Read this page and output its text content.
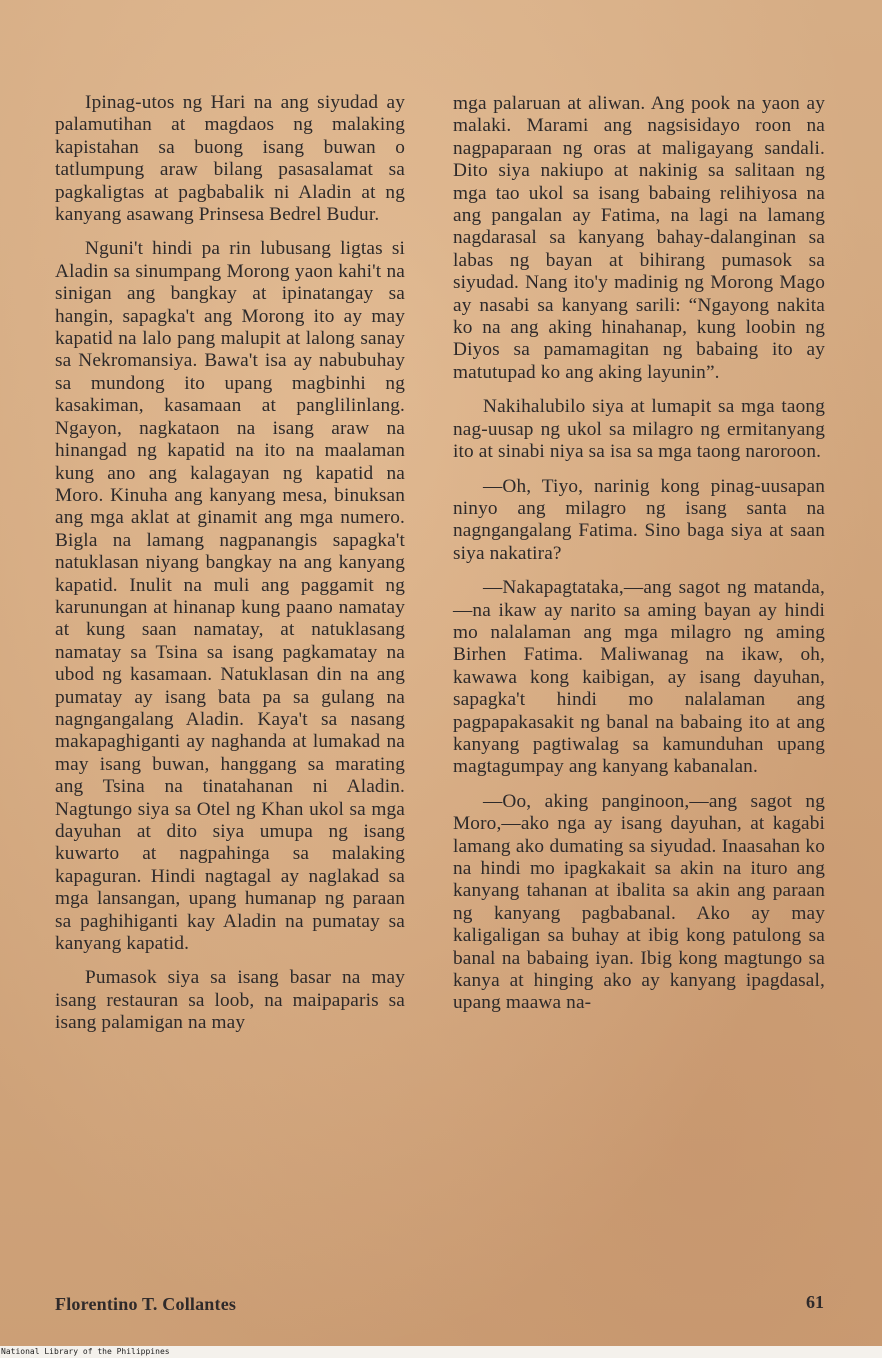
Ipinag-utos ng Hari na ang siyudad ay palamutihan at magdaos ng malaking kapistahan sa buong isang buwan o tatlumpung araw bilang pasasalamat sa pagkaligtas at pagbabalik ni Aladin at ng kanyang asawang Prinsesa Bedrel Budur.

Nguni't hindi pa rin lubusang ligtas si Aladin sa sinumpang Morong yaon kahi't na sinigan ang bangkay at ipinatangay sa hangin, sapagka't ang Morong ito ay may kapatid na lalo pang malupit at lalong sanay sa Nekromansiya. Bawa't isa ay nabubuhay sa mundong ito upang magbinhi ng kasakiman, kasamaan at panglilinlang. Ngayon, nagkataon na isang araw na hinangad ng kapatid na ito na maalaman kung ano ang kalagayan ng kapatid na Moro. Kinuha ang kanyang mesa, binuksan ang mga aklat at ginamit ang mga numero. Bigla na lamang nagpanangis sapagka't natuklasan niyang bangkay na ang kanyang kapatid. Inulit na muli ang paggamit ng karunungan at hinanap kung paano namatay at kung saan namatay, at natuklasang namatay sa Tsina sa isang pagkamatay na ubod ng kasamaan. Natuklasan din na ang pumatay ay isang bata pa sa gulang na nagngangalang Aladin. Kaya't sa nasang makapaghiganti ay naghanda at lumakad na may isang buwan, hanggang sa marating ang Tsina na tinatahanan ni Aladin. Nagtungo siya sa Otel ng Khan ukol sa mga dayuhan at dito siya umupa ng isang kuwarto at nagpahinga sa malaking kapaguran. Hindi nagtagal ay naglakad sa mga lansangan, upang humanap ng paraan sa paghihiganti kay Aladin na pumatay sa kanyang kapatid.

Pumasok siya sa isang basar na may isang restauran sa loob, na maipaparis sa isang palamigan na may

mga palaruan at aliwan. Ang pook na yaon ay malaki. Marami ang nagsisidayo roon na nagpaparaan ng oras at maligayang sandali. Dito siya nakiupo at nakinig sa salitaan ng mga tao ukol sa isang babaing relihiyosa na ang pangalan ay Fatima, na lagi na lamang nagdarasal sa kanyang bahay-dalanginan sa labas ng bayan at bihirang pumasok sa siyudad. Nang ito'y madinig ng Morong Mago ay nasabi sa kanyang sarili: “Ngayong nakita ko na ang aking hinahanap, kung loobin ng Diyos sa pamamagitan ng babaing ito ay matutupad ko ang aking layunin”.

Nakihalubilo siya at lumapit sa mga taong nag-uusap ng ukol sa milagro ng ermitanyang ito at sinabi niya sa isa sa mga taong naroroon.

—Oh, Tiyo, narinig kong pinag-uusapan ninyo ang milagro ng isang santa na nagngangalang Fatima. Sino baga siya at saan siya nakatira?

—Nakapagtataka,—ang sagot ng matanda,—na ikaw ay narito sa aming bayan ay hindi mo nalalaman ang mga milagro ng aming Birhen Fatima. Maliwanag na ikaw, oh, kawawa kong kaibigan, ay isang dayuhan, sapagka't hindi mo nalalaman ang pagpapakasakit ng banal na babaing ito at ang kanyang pagtiwalag sa kamunduhan upang magtagumpay ang kanyang kabanalan.

—Oo, aking panginoon,—ang sagot ng Moro,—ako nga ay isang dayuhan, at kagabi lamang ako dumating sa siyudad. Inaasahan ko na hindi mo ipagkakait sa akin na ituro ang kanyang tahanan at ibalita sa akin ang paraan ng kanyang pagbabanal. Ako ay may kaligaligan sa buhay at ibig kong patulong sa banal na babaing iyan. Ibig kong magtungo sa kanya at hinging ako ay kanyang ipagdasal, upang maawa na-

Florentino T. Collantes	61
National Library of the Philippines
